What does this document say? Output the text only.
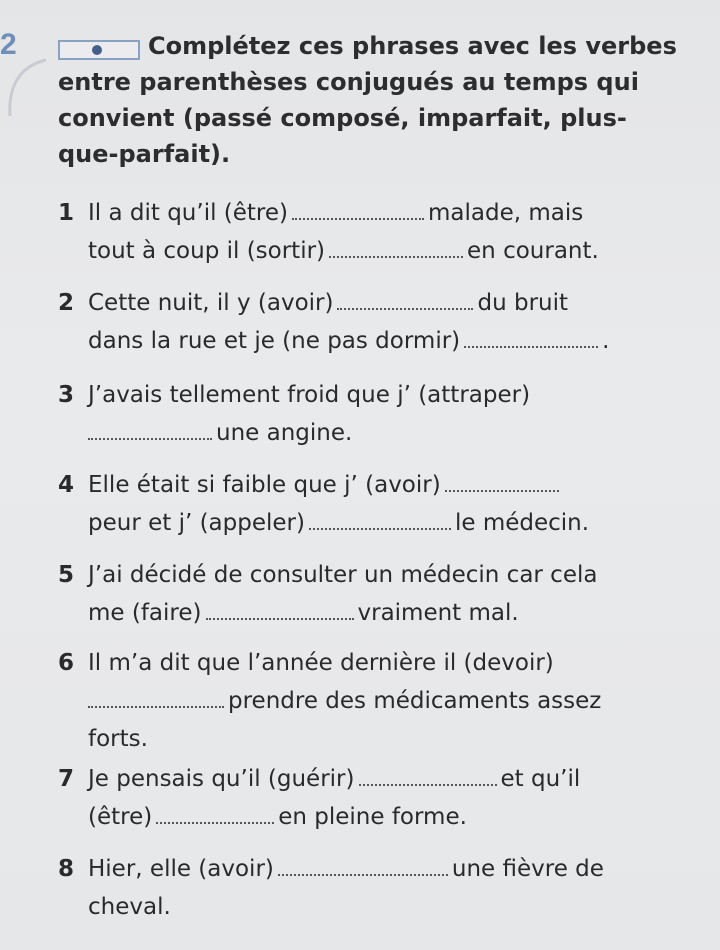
2	Complétez ces phrases avec les verbes entre parenthèses conjugués au temps qui convient (passé composé, imparfait, plus-que-parfait).
1 Il a dit qu’il (être)	malade, mais
tout à coup il (sortir)	en courant.
2 Cette nuit, il y (avoir)	du bruit
dans la rue et je (ne pas dormir)	.
3 J’avais tellement froid que j’ (attraper)
une angine.
4 Elle était si faible que j’ (avoir)
peur et j’ (appeler)	le médecin.
5 J’ai décidé de consulter un médecin car cela
me (faire)	vraiment mal.
6 Il m’a dit que l’année dernière il (devoir)
prendre des médicaments assez
forts.
7 Je pensais qu’il (guérir)	et qu’il
(être)	en pleine forme.
8 Hier, elle (avoir)	une fièvre de
cheval.
